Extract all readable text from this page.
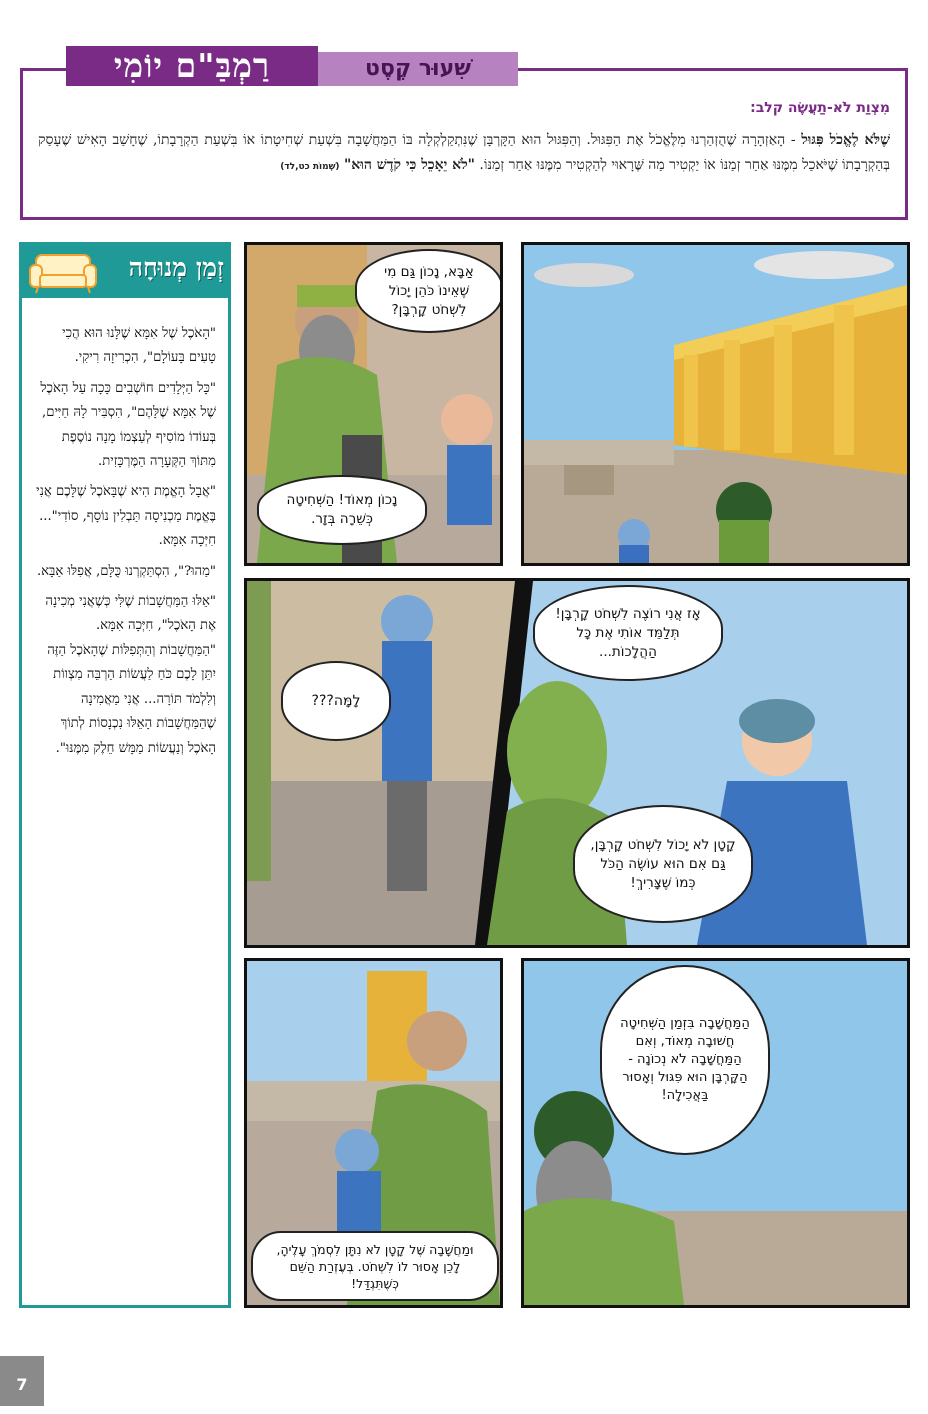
רַמְבַּ"ם יוֹמִי	שִׁעוּר קֶסֶט
מִצְוַת לֹא-תַעֲשֶׂה קלב:
שֶׁלֹּא לֶאֱכֹל פִּגּוּל - הָאַזְהָרָה שֶׁהֻזְהַרְנוּ מִלֶּאֱכֹל אֶת הַפִּגּוּל. וְהַפִּגּוּל הוּא הַקָּרְבָּן שֶׁנִּתְקַלְקְלָה בּוֹ הַמַּחֲשָׁבָה בִּשְׁעַת שְׁחִיטָתוֹ אוֹ בִּשְׁעַת הַקְרָבָתוֹ, שֶׁחָשַׁב הָאִישׁ שֶׁעָסַק בְּהַקְרָבָתוֹ שֶׁיֹּאכַל מִמֶּנּוּ אַחַר זְמַנּוֹ אוֹ יַקְטִיר מַה שֶּׁרָאוּי לְהַקְטִיר מִמֶּנּוּ אַחַר זְמַנּוֹ. "לֹא יֵאָכֵל כִּי קֹדֶשׁ הוּא" (שְׁמוֹת כט,לד)
זְמַן מְנוּחָה

"הָאֹכֶל שֶׁל אִמָּא שֶׁלָּנוּ הוּא הֲכִי טָעִים בָּעוֹלָם", הִכְרִיזָה רִיקִי.

"כָּל הַיְּלָדִים חוֹשְׁבִים כָּכָה עַל הָאֹכֶל שֶׁל אִמָּא שֶׁלָּהֶם", הִסְבִּיר לָהּ חַיִּים, בְּעוֹדוֹ מוֹסִיף לְעַצְמוֹ מָנָה נוֹסֶפֶת מִתּוֹךְ הַקְּעָרָה הַמֶּרְכָּזִית.

"אֲבָל הָאֱמֶת הִיא שֶׁבָּאֹכֶל שֶׁלָּכֶם אֲנִי בֶּאֱמֶת מַכְנִיסָה תַּבְלִין נוֹסָף, סוֹדִי"... חִיְּכָה אִמָּא.

"מַהוּ?", הִסְתַּקְרְנוּ כֻּלָּם, אֲפִלּוּ אַבָּא.

"אֵלּוּ הַמַּחֲשָׁבוֹת שֶׁלִּי כְּשֶׁאֲנִי מְכִינָה אֶת הָאֹכֶל", חִיְּכָה אִמָּא. "הַמַּחֲשָׁבוֹת וְהַתְּפִלּוֹת שֶׁהָאֹכֶל הַזֶּה יִתֵּן לָכֶם כֹּחַ לַעֲשׂוֹת הַרְבֵּה מִצְווֹת וְלִלְמֹד תּוֹרָה... אֲנִי מַאֲמִינָה שֶׁהַמַּחֲשָׁבוֹת הָאֵלּוּ נִכְנָסוֹת לְתוֹךְ הָאֹכֶל וְנַעֲשׂוֹת מַמָּשׁ חֵלֶק מִמֶּנּוּ".

אַבָּא, נָכוֹן גַּם מִי שֶׁאֵינוֹ כֹּהֵן יָכוֹל לִשְׁחֹט קָרְבָּן?
נָכוֹן מְאוֹד! הַשְּׁחִיטָה כְּשֵׁרָה בְּזָר.
לָמָּה???
אָז אֲנִי רוֹצֶה לִשְׁחֹט קָרְבָּן! תְּלַמֵּד אוֹתִי אֶת כָּל הַהֲלָכוֹת...
קָטָן לֹא יָכוֹל לִשְׁחֹט קָרְבָּן, גַּם אִם הוּא עוֹשֶׂה הַכֹּל כְּמוֹ שֶׁצָּרִיךְ!
הַמַּחֲשָׁבָה בִּזְמַן הַשְּׁחִיטָה חֲשׁוּבָה מְאוֹד, וְאִם הַמַּחֲשָׁבָה לֹא נְכוֹנָה - הַקָּרְבָּן הוּא פִּגּוּל וְאָסוּר בַּאֲכִילָה!
וּמַחֲשָׁבָה שֶׁל קָטָן לֹא נִתָּן לִסְמֹךְ עָלֶיהָ, לָכֵן אָסוּר לוֹ לִשְׁחֹט. בְּעֶזְרַת הַשֵּׁם כְּשֶׁתִּגְדַּל!
7
